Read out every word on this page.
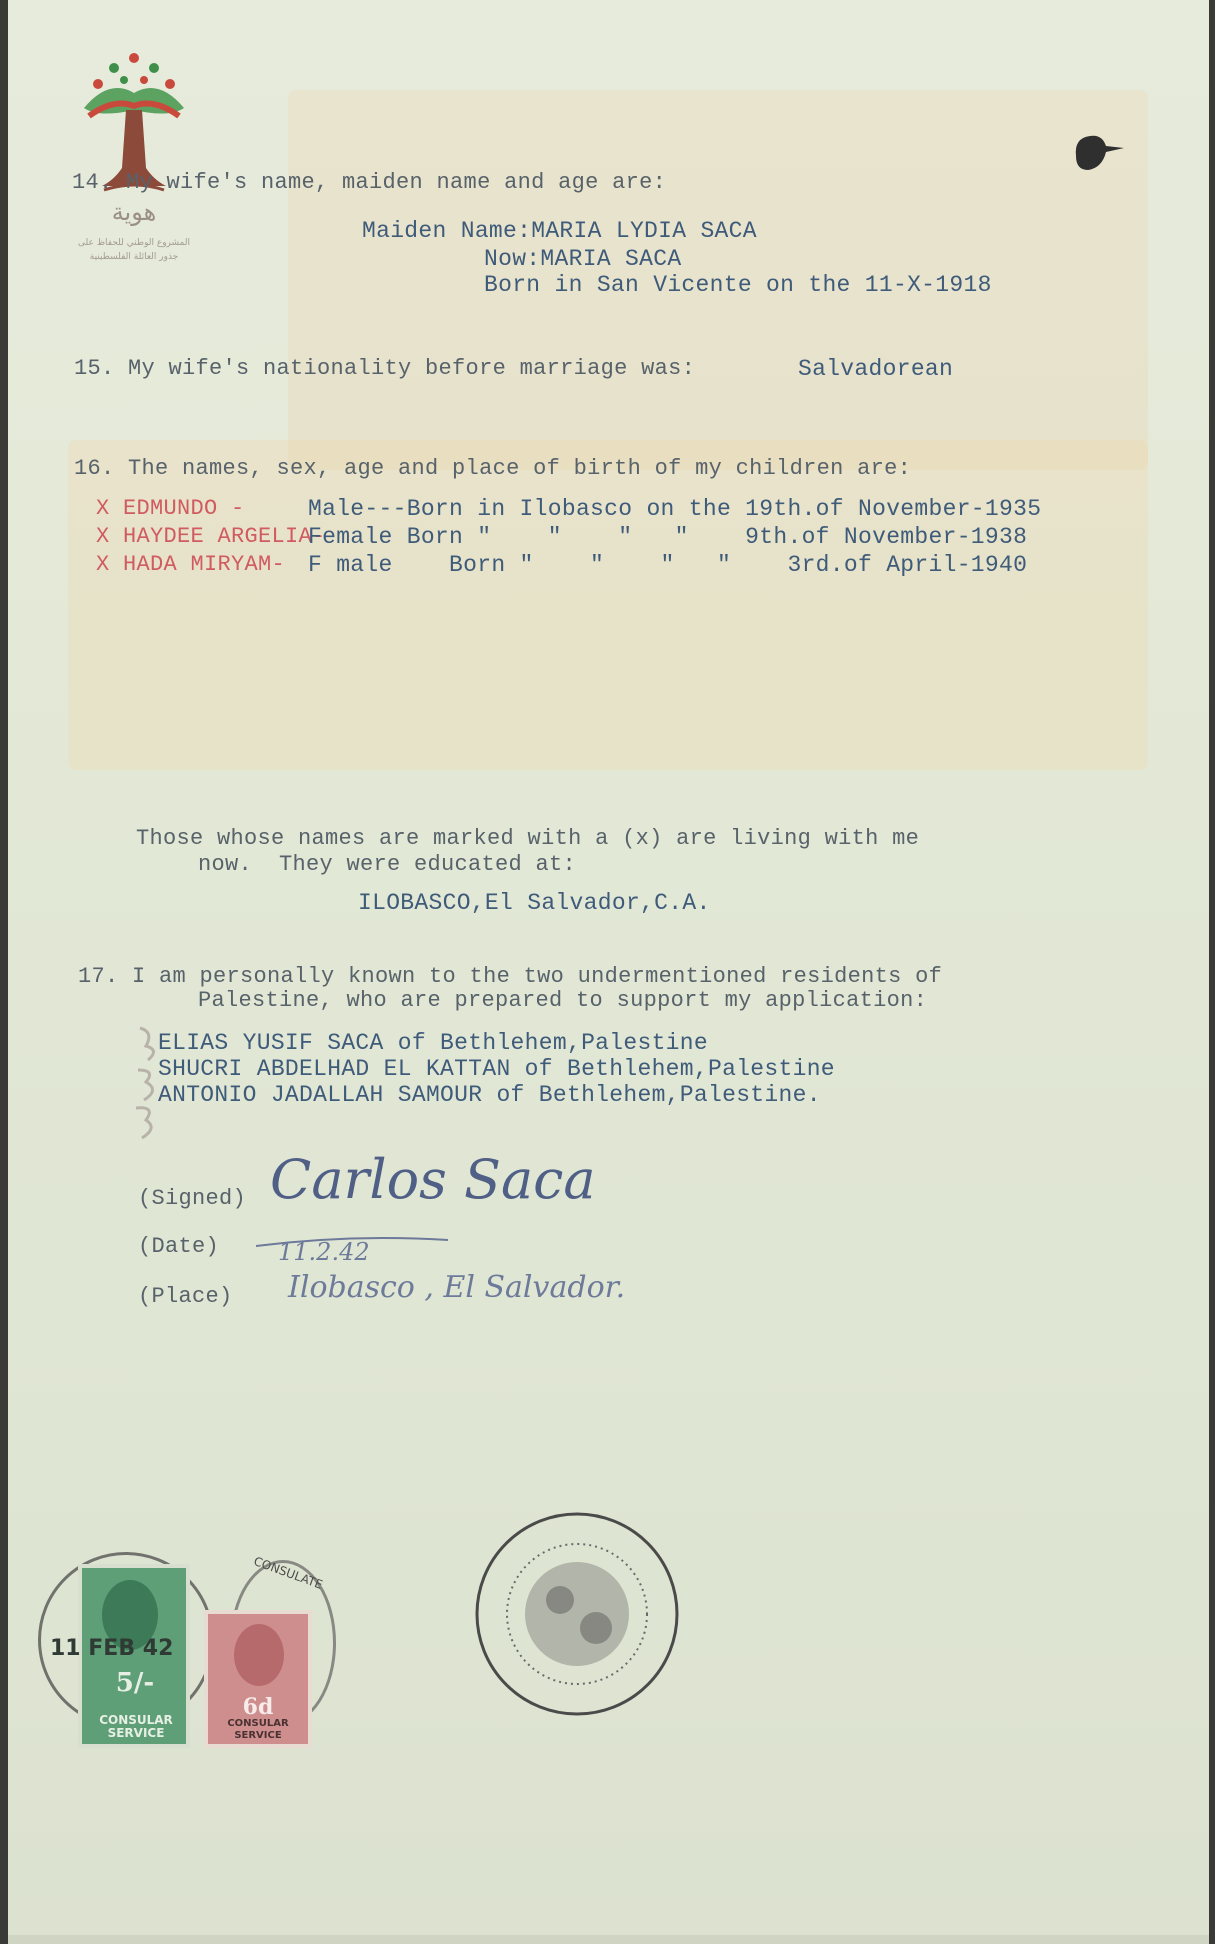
هوية
المشروع الوطني للحفاظ على
جذور العائلة الفلسطينية
14. My wife's name, maiden name and age are:
Maiden Name:MARIA LYDIA SACA
Now:MARIA SACA
Born in San Vicente on the 11-X-1918
15. My wife's nationality before marriage was:	Salvadorean
16. The names, sex, age and place of birth of my children are:
X EDMUNDO -	Male---Born in Ilobasco on the 19th.of November-1935
X HAYDEE ARGELIA-
Female Born "    "    "   "    9th.of November-1938
X HADA MIRYAM- F male    Born "    "    "   "    3rd.of April-1940
Those whose names are marked with a (x) are living with me
now.  They were educated at:
ILOBASCO,El Salvador,C.A.
17. I am personally known to the two undermentioned residents of
Palestine, who are prepared to support my application:
ELIAS YUSIF SACA of Bethlehem,Palestine
SHUCRI ABDELHAD EL KATTAN of Bethlehem,Palestine
ANTONIO JADALLAH SAMOUR of Bethlehem,Palestine.
(Signed)
(Date)
(Place)
Carlos Saca
11.2.42
Ilobasco , El Salvador.
5/-
CONSULAR SERVICE
11 FEB 42
CONSULATE
6d
CONSULAR SERVICE
